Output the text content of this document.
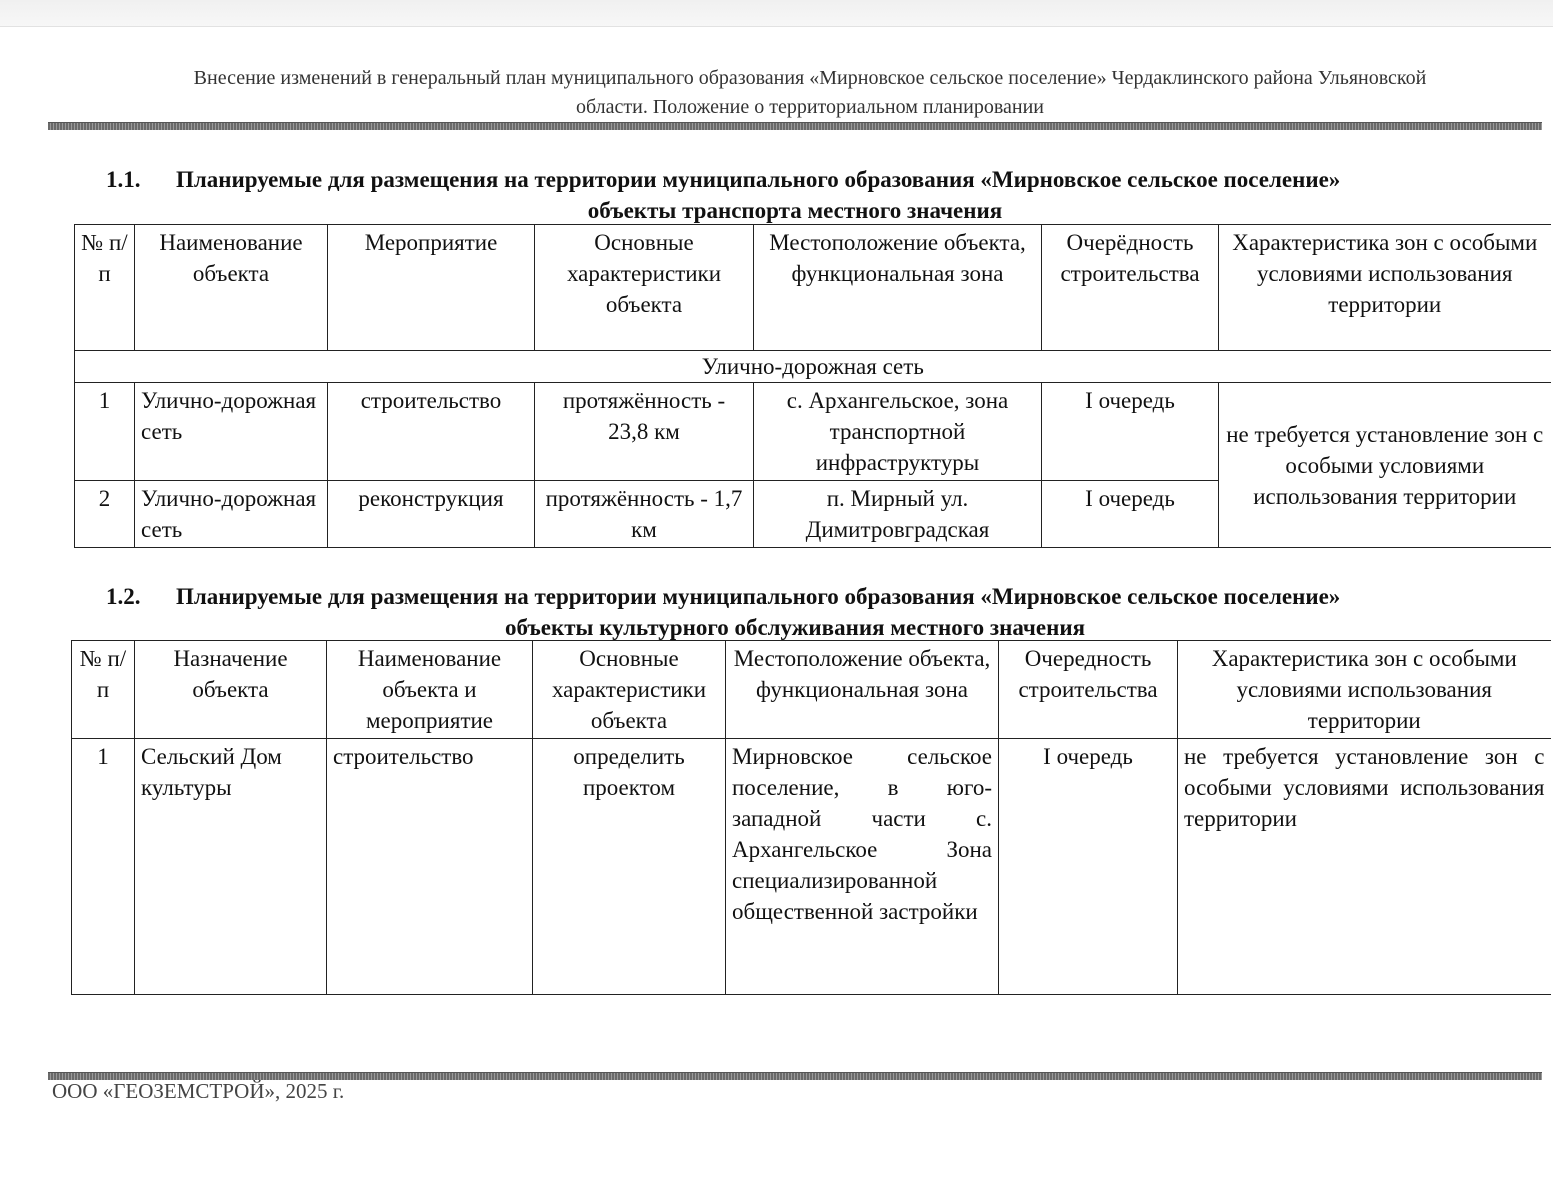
Внесение изменений в генеральный план муниципального образования «Мирновское сельское поселение» Чердаклинского района Ульяновской
области. Положение о территориальном планировании
1.1. Планируемые для размещения на территории муниципального образования «Мирновское сельское поселение»
объекты транспорта местного значения
№ п/п	Наименование объекта	Мероприятие	Основные характеристики объекта	Местоположение объекта, функциональная зона	Очерёдность строительства	Характеристика зон с особыми условиями использования территории
Улично-дорожная сеть						
1	Улично-дорожная сеть	строительство	протяжённость - 23,8 км	с. Архангельское, зона транспортной инфраструктуры	I очередь	не требуется установление зон с особыми условиями использования территории
2	Улично-дорожная сеть	реконструкция	протяжённость - 1,7 км	п. Мирный ул. Димитровградская	I очередь	
1.2. Планируемые для размещения на территории муниципального образования «Мирновское сельское поселение»
объекты культурного обслуживания местного значения
№ п/п	Назначение объекта	Наименование объекта и мероприятие	Основные характеристики объекта	Местоположение объекта, функциональная зона	Очередность строительства	Характеристика зон с особыми условиями использования территории
1	Сельский Дом культуры	строительство	определить проектом	Мирновское сельское поселение, в юго-западной части с. Архангельское Зона специализированной общественной застройки	I очередь	не требуется установление зон с особыми условиями использования территории
ООО «ГЕОЗЕМСТРОЙ», 2025 г.
